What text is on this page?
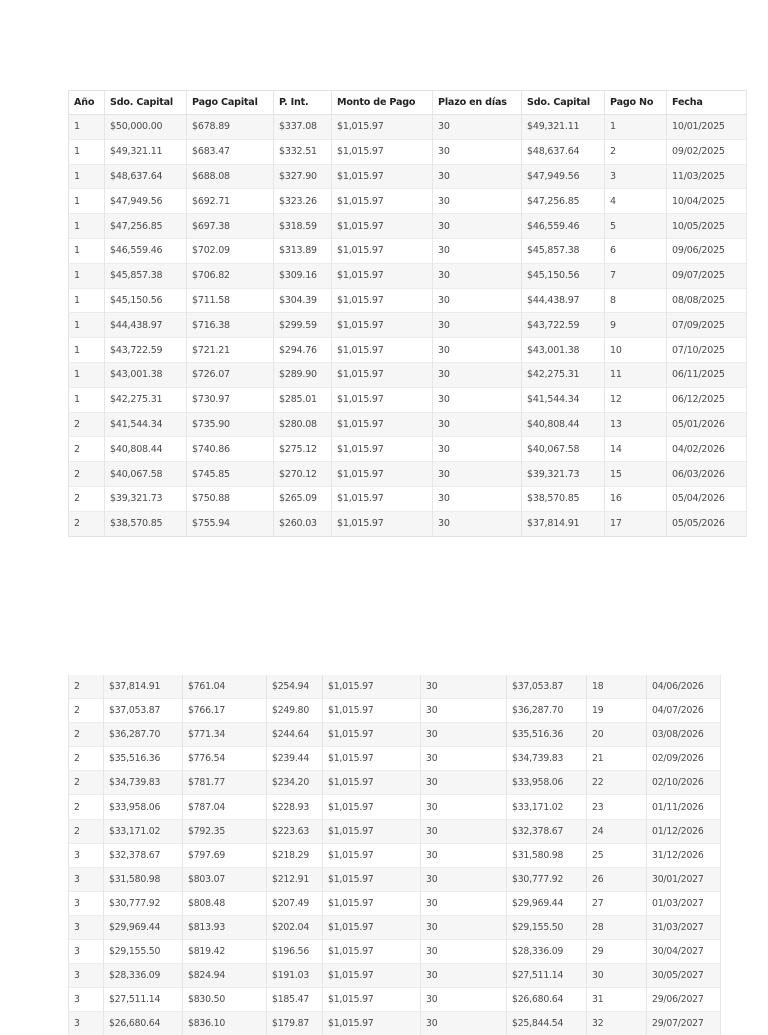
Año	Sdo. Capital	Pago Capital	P. Int.	Monto de Pago	Plazo en días	Sdo. Capital	Pago No	Fecha
1	$50,000.00	$678.89	$337.08	$1,015.97	30	$49,321.11	1	10/01/2025
1	$49,321.11	$683.47	$332.51	$1,015.97	30	$48,637.64	2	09/02/2025
1	$48,637.64	$688.08	$327.90	$1,015.97	30	$47,949.56	3	11/03/2025
1	$47,949.56	$692.71	$323.26	$1,015.97	30	$47,256.85	4	10/04/2025
1	$47,256.85	$697.38	$318.59	$1,015.97	30	$46,559.46	5	10/05/2025
1	$46,559.46	$702.09	$313.89	$1,015.97	30	$45,857.38	6	09/06/2025
1	$45,857.38	$706.82	$309.16	$1,015.97	30	$45,150.56	7	09/07/2025
1	$45,150.56	$711.58	$304.39	$1,015.97	30	$44,438.97	8	08/08/2025
1	$44,438.97	$716.38	$299.59	$1,015.97	30	$43,722.59	9	07/09/2025
1	$43,722.59	$721.21	$294.76	$1,015.97	30	$43,001.38	10	07/10/2025
1	$43,001.38	$726.07	$289.90	$1,015.97	30	$42,275.31	11	06/11/2025
1	$42,275.31	$730.97	$285.01	$1,015.97	30	$41,544.34	12	06/12/2025
2	$41,544.34	$735.90	$280.08	$1,015.97	30	$40,808.44	13	05/01/2026
2	$40,808.44	$740.86	$275.12	$1,015.97	30	$40,067.58	14	04/02/2026
2	$40,067.58	$745.85	$270.12	$1,015.97	30	$39,321.73	15	06/03/2026
2	$39,321.73	$750.88	$265.09	$1,015.97	30	$38,570.85	16	05/04/2026
2	$38,570.85	$755.94	$260.03	$1,015.97	30	$37,814.91	17	05/05/2026
2	$37,814.91	$761.04	$254.94	$1,015.97	30	$37,053.87	18	04/06/2026
2	$37,053.87	$766.17	$249.80	$1,015.97	30	$36,287.70	19	04/07/2026
2	$36,287.70	$771.34	$244.64	$1,015.97	30	$35,516.36	20	03/08/2026
2	$35,516.36	$776.54	$239.44	$1,015.97	30	$34,739.83	21	02/09/2026
2	$34,739.83	$781.77	$234.20	$1,015.97	30	$33,958.06	22	02/10/2026
2	$33,958.06	$787.04	$228.93	$1,015.97	30	$33,171.02	23	01/11/2026
2	$33,171.02	$792.35	$223.63	$1,015.97	30	$32,378.67	24	01/12/2026
3	$32,378.67	$797.69	$218.29	$1,015.97	30	$31,580.98	25	31/12/2026
3	$31,580.98	$803.07	$212.91	$1,015.97	30	$30,777.92	26	30/01/2027
3	$30,777.92	$808.48	$207.49	$1,015.97	30	$29,969.44	27	01/03/2027
3	$29,969.44	$813.93	$202.04	$1,015.97	30	$29,155.50	28	31/03/2027
3	$29,155.50	$819.42	$196.56	$1,015.97	30	$28,336.09	29	30/04/2027
3	$28,336.09	$824.94	$191.03	$1,015.97	30	$27,511.14	30	30/05/2027
3	$27,511.14	$830.50	$185.47	$1,015.97	30	$26,680.64	31	29/06/2027
3	$26,680.64	$836.10	$179.87	$1,015.97	30	$25,844.54	32	29/07/2027
